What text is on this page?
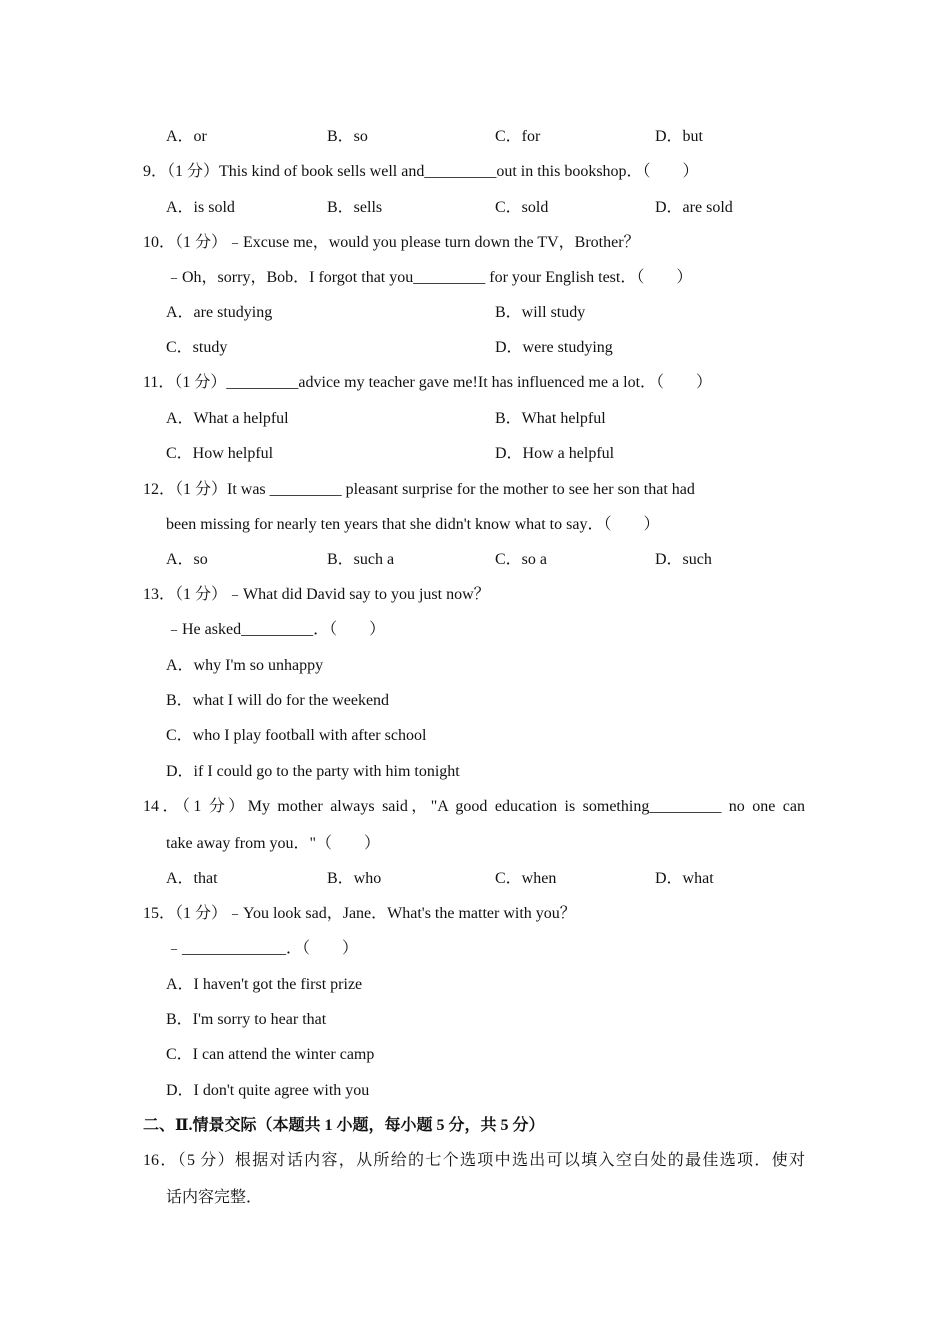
A．or	B．so	C．for	D．but
9．（1 分）This kind of book sells well and_________out in this bookshop．（　　）
A．is sold	B．sells	C．sold	D．are sold
10．（1 分）﹣Excuse me，would you please turn down the TV，Brother？
﹣Oh，sorry，Bob．I forgot that you_________ for your English test．（　　）
A．are studying	B．will study
C．study	D．were studying
11．（1 分）_________advice my teacher gave me!It has influenced me a lot．（　　）
A．What a helpful	B．What helpful
C．How helpful	D．How a helpful
12．（1 分）It was _________ pleasant surprise for the mother to see her son that had
been missing for nearly ten years that she didn't know what to say．（　　）
A．so	B．such a	C．so a	D．such
13．（1 分）﹣What did David say to you just now？
﹣He asked_________．（　　）
A．why I'm so unhappy
B．what I will do for the weekend
C．who I play football with after school
D．if I could go to the party with him tonight
14．（1 分）My mother always said，"A good education is something_________ no one can
take away from you．"（　　）
A．that	B．who	C．when	D．what
15．（1 分）﹣You look sad，Jane．What's the matter with you？
﹣_____________．（　　）
A．I haven't got the first prize
B．I'm sorry to hear that
C．I can attend the winter camp
D．I don't quite agree with you
二、Ⅱ.情景交际（本题共 1 小题，每小题 5 分，共 5 分）
16．（5 分）根据对话内容，从所给的七个选项中选出可以填入空白处的最佳选项．使对
话内容完整．
